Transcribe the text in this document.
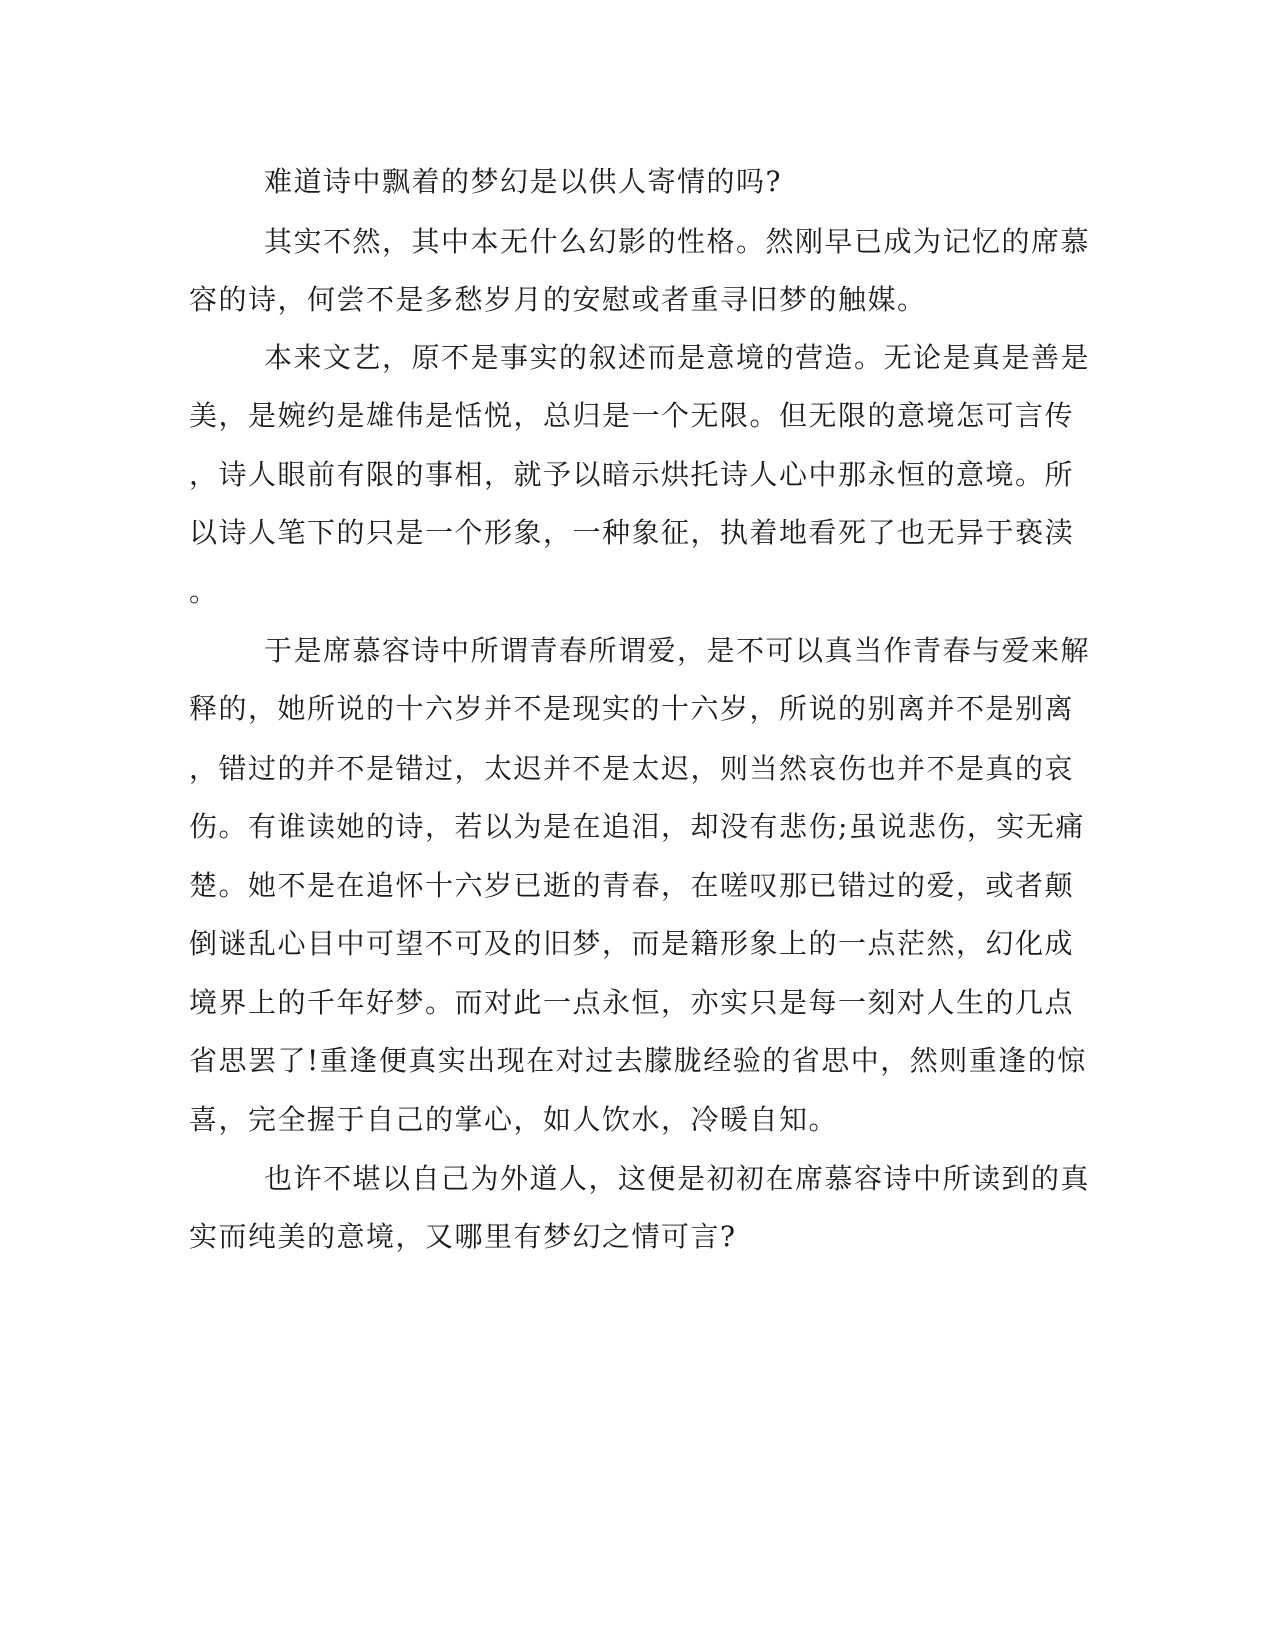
难道诗中飘着的梦幻是以供人寄情的吗?

其实不然，其中本无什么幻影的性格。然刚早已成为记忆的席慕

容的诗，何尝不是多愁岁月的安慰或者重寻旧梦的触媒。

本来文艺，原不是事实的叙述而是意境的营造。无论是真是善是

美，是婉约是雄伟是恬悦，总归是一个无限。但无限的意境怎可言传

，诗人眼前有限的事相，就予以暗示烘托诗人心中那永恒的意境。所

以诗人笔下的只是一个形象，一种象征，执着地看死了也无异于亵渎

。

于是席慕容诗中所谓青春所谓爱，是不可以真当作青春与爱来解

释的，她所说的十六岁并不是现实的十六岁，所说的别离并不是别离

，错过的并不是错过，太迟并不是太迟，则当然哀伤也并不是真的哀

伤。有谁读她的诗，若以为是在追泪，却没有悲伤;虽说悲伤，实无痛

楚。她不是在追怀十六岁已逝的青春，在嗟叹那已错过的爱，或者颠

倒谜乱心目中可望不可及的旧梦，而是籍形象上的一点茫然，幻化成

境界上的千年好梦。而对此一点永恒，亦实只是每一刻对人生的几点

省思罢了!重逢便真实出现在对过去朦胧经验的省思中，然则重逢的惊

喜，完全握于自己的掌心，如人饮水，冷暖自知。

也许不堪以自己为外道人，这便是初初在席慕容诗中所读到的真

实而纯美的意境，又哪里有梦幻之情可言?
